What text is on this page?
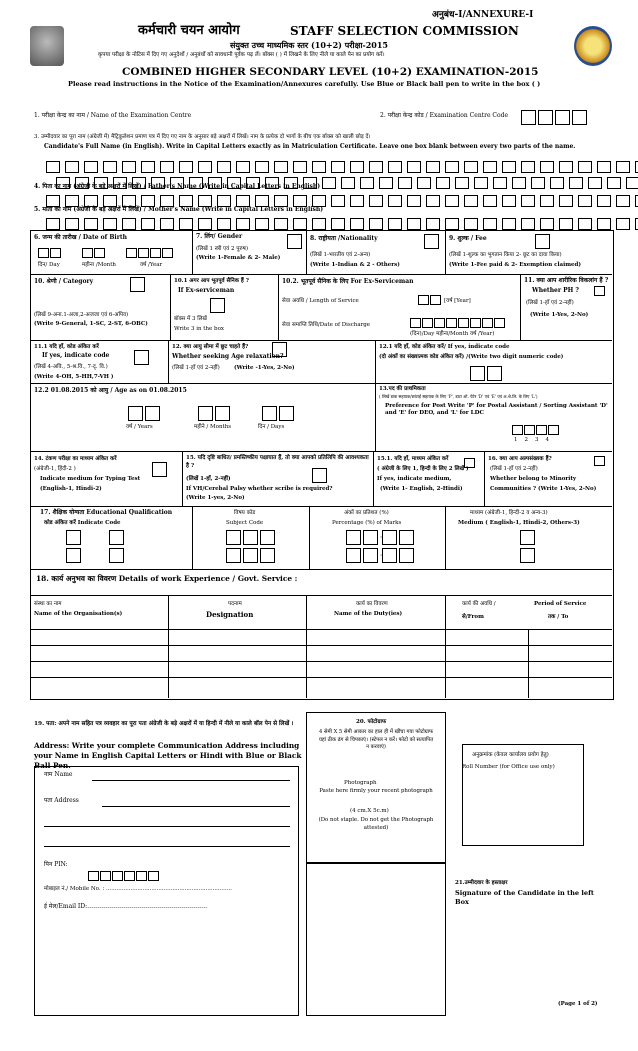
अनुबंध-I/ANNEXURE-I
कर्मचारी चयन आयोग	STAFF SELECTION COMMISSION
संयुक्त उच्च माध्यमिक स्तर (10+2) परीक्षा-2015
कृपया परीक्षा के नोटिस में दिए गए अनुदेशों / अनुबंधों को सावधानी पूर्वक पढ़ लें। बॉक्स ( ) में लिखने के लिए नीले या काले पेन का प्रयोग करें।
COMBINED HIGHER SECONDARY LEVEL (10+2) EXAMINATION-2015
Please read instructions in the Notice of the Examination/Annexures carefully. Use Blue or Black ball pen to write in the box ( )
1. परीक्षा केन्द्र का नाम / Name of the Examination Centre	2. परीक्षा केन्द्र कोड / Examination Centre Code
3. उम्मीदवार का पूरा नाम (अंग्रेजी में) मैट्रिकुलेशन प्रमाण पत्र में दिए गए नाम के अनुसार बड़े अक्षरों में लिखें। नाम के प्रत्येक दो भागों के बीच एक बॉक्स को खाली छोड़ दें।
Candidate's Full Name (in English). Write in Capital Letters exactly as in Matriculation Certificate. Leave one box blank between every two parts of the name.
4. पिता का नाम (अंग्रेजी के बड़े अक्षरों में लिखें) / Father's Name (Write in Capital Letters in English)
5. माता का नाम (अंग्रेजी के बड़े अक्षरों में लिखें) / Mother's Name (Write in Capital Letters in English)
6. जन्म की तारीख / Date of Birth
दिन/ Day	महीना /Month	वर्ष /Year
7. लिंग/ Gender
(लिखें 1 स्त्री एवं 2 पुरुष)
(Write 1-Female & 2- Male)
8. राष्ट्रीयता /Nationality
(लिखें 1-भारतीय एवं 2-अन्य)
(Write 1-Indian & 2 - Others)
9. शुल्क / Fee
(लिखें 1-शुल्क का भुगतान किया 2- छूट का दावा किया)
(Write 1-Fee paid & 2- Exemption claimed)
10. श्रेणी / Category
(लिखें 9-अना.1-अजा,2-अजजा एवं 6-अपिव)
(Write 9-General, 1-SC, 2-ST, 6-OBC)
10.1 अगर आप भूतपूर्व सैनिक हैं ?
If Ex-serviceman
बॉक्स में 3 लिखें
Write 3 in the box
10.2. भूतपूर्व सैनिक के लिए For Ex-Serviceman
सेवा अवधि / Length of Service	[वर्ष [Year]
सेवा समाप्ति तिथि/Date of Discharge
(दिन)/Day महीना/Month वर्ष /Year)
11. क्या आप शारीरिक विकलांग हैं ?
Whether PH ?
(लिखें 1-हाँ एवं 2-नहीं)
(Write 1-Yes, 2-No)
11.1 यदि हाँ, कोड अंकित करें
If yes, indicate code
(लिखें 4-अवि., 5-श्र.वि., 7-दृ. वि.)
(Write 4-OH, 5-HH,7-VH )
12. क्या आयु सीमा में छूट चाहते हैं?
Whether seeking Age relaxation?
(लिखें 1-हाँ एवं 2-नहीं)	(Write -1-Yes, 2-No)
12.1 यदि हाँ, कोड अंकित करें/ If yes, indicate code
(दो अंकों का संख्यात्मक कोड अंकित करें) /(Write two digit numeric code)
12.2 01.08.2015 को आयु / Age as on 01.08.2015
वर्ष / Years	महीने / Months	दिन / Days
13.पद की प्राथमिकता
( लिखें डाक सहायक/छांटाई सहायक के लिए 'P', डाटा ऑ. पेटेर 'D' एवं 'E' एवं अ.श्रे.लि. के लिए 'L')
Preference for Post Write 'P' for Postal Assistant / Sorting Assistant 'D' and 'E' for DEO, and 'L' for LDC
1 2 3 4
14. टंकण परीक्षा का माध्यम अंकित करें
(अंग्रेजी-1, हिंदी-2 )
Indicate medium for Typing Test
(English-1, Hindi-2)
15. यदि दृष्टि बाधित/ प्रमस्तिष्कीय पक्षाघात हैं, तो क्या आपको प्रतिलिपि की आवश्यकता है ?
(लिखें 1-हाँ, 2-नहीं)
If VH/Cerebal Palsy whether scribe is required?
(Write 1-yes, 2-No)
15.1. यदि हाँ, माध्यम अंकित करें
( अंग्रेजी के लिए 1, हिन्दी के लिए 2 लिखें )
If yes, indicate medium,
(Write 1- English, 2-Hindi)
16. क्या आप अल्पसंख्यक हैं?
(लिखें 1-हाँ एवं 2-नहीं)
Whether belong to Minority
Communities ? (Write 1-Yes, 2-No)
17. शैक्षिक योग्यता Educational Qualification
कोड अंकित करें Indicate Code
विषय कोड
Subject Code
अंकों का प्रतिशत (%)
Percentage (%) of Marks
·
·
माध्यम (अंग्रेजी-1, हिन्दी-2 व अन्य-3)
Medium ( English-1, Hindi-2, Others-3)
18. कार्य अनुभव का विवरण Details of work Experience / Govt. Service :
संस्था का नाम
Name of the Organisation(s)
पदनाम
Designation
कार्य का विवरण
Name of the Duty(ies)
कार्य की अवधि /	Period of Service
से/From	तक / To
19. पता: अपने नाम सहित पत्र व्यवहार का पूरा पता अंग्रेजी के बड़े अक्षरों में या हिन्दी में नीले या काले बॉल पेन से लिखें ।
Address: Write your complete Communication Address including your Name in English Capital Letters or Hindi with Blue or Black Ball Pen.
नाम Name
पता Address
पिन PIN:
मोबाइल नं./ Mobile No. : ........................................................................
ई मेल/Email ID:……………………………………………………
20. फोटोग्राफ
4 सेमी X 5 सेमी आकार का हाल ही में खींचा गया फोटोग्राफ यहां ठीक ढंग से चिपकाएं। (स्टेपल न करें। फोटो को सत्यापित न करवाएं)
Photograph
Paste here firmly your recent photograph
(4 cm.X 5c.m)
(Do not staple. Do not get the Photograph attested)
अनुक्रमांक (केवल कार्यालय प्रयोग हेतु)
Roll Number (for Office use only)
21.उम्मीदवार के हस्ताक्षर
Signature of the Candidate in the left Box
(Page 1 of 2)
